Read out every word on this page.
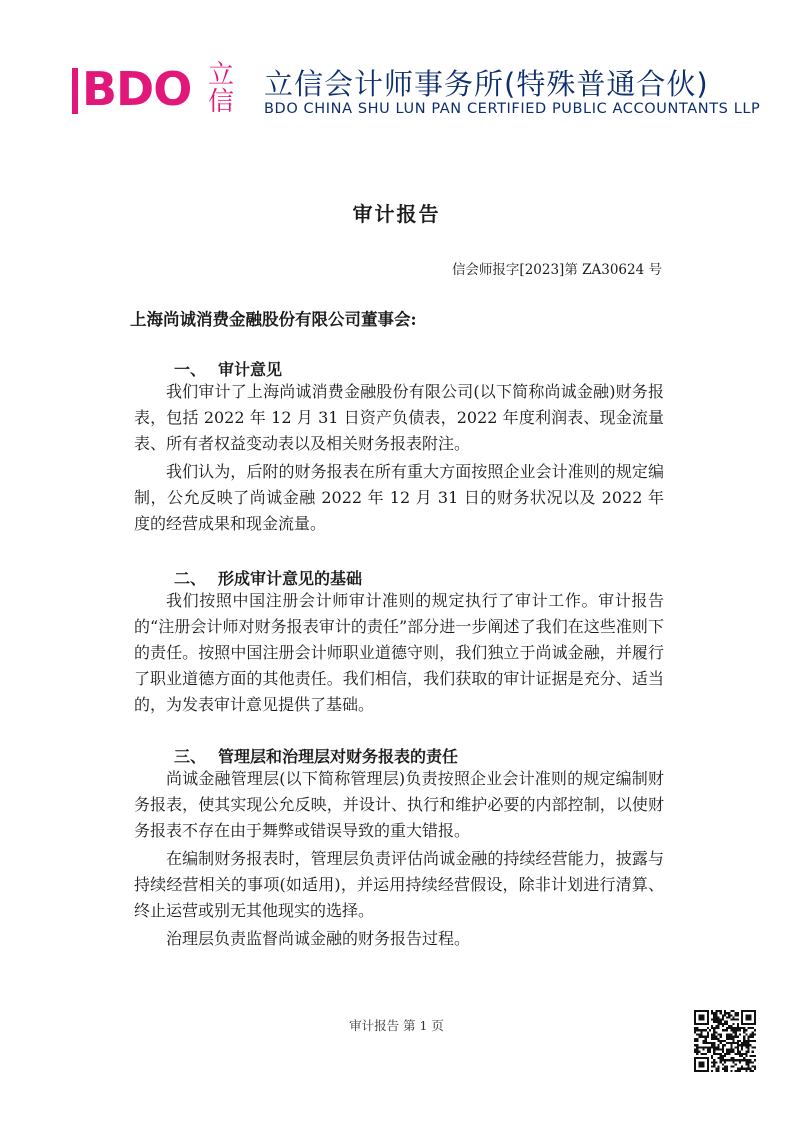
BDO 立信
立信会计师事务所(特殊普通合伙)
BDO CHINA SHU LUN PAN CERTIFIED PUBLIC ACCOUNTANTS LLP
审计报告
信会师报字[2023]第 ZA30624 号
上海尚诚消费金融股份有限公司董事会:
一、 审计意见
我们审计了上海尚诚消费金融股份有限公司(以下简称尚诚金融)财务报表，包括 2022 年 12 月 31 日资产负债表，2022 年度利润表、现金流量表、所有者权益变动表以及相关财务报表附注。
我们认为，后附的财务报表在所有重大方面按照企业会计准则的规定编制，公允反映了尚诚金融 2022 年 12 月 31 日的财务状况以及 2022 年度的经营成果和现金流量。
二、 形成审计意见的基础
我们按照中国注册会计师审计准则的规定执行了审计工作。审计报告的“注册会计师对财务报表审计的责任”部分进一步阐述了我们在这些准则下的责任。按照中国注册会计师职业道德守则，我们独立于尚诚金融，并履行了职业道德方面的其他责任。我们相信，我们获取的审计证据是充分、适当的，为发表审计意见提供了基础。
三、 管理层和治理层对财务报表的责任
尚诚金融管理层(以下简称管理层)负责按照企业会计准则的规定编制财务报表，使其实现公允反映，并设计、执行和维护必要的内部控制，以使财务报表不存在由于舞弊或错误导致的重大错报。
在编制财务报表时，管理层负责评估尚诚金融的持续经营能力，披露与持续经营相关的事项(如适用)，并运用持续经营假设，除非计划进行清算、终止运营或别无其他现实的选择。
治理层负责监督尚诚金融的财务报告过程。
审计报告 第 1 页
